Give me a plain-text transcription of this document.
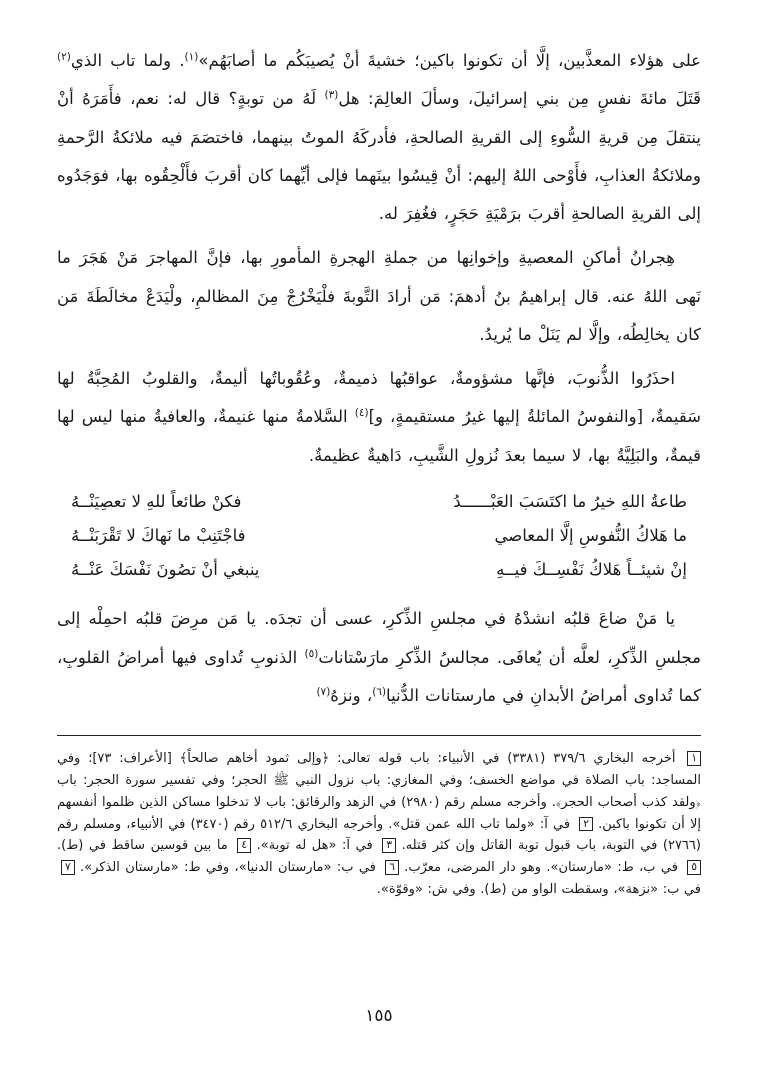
على هؤلاء المعذَّبين، إلَّا أن تكونوا باكين؛ خشيةَ أنْ يُصيبَكُم ما أصابَهُم»$^{(١)}$. ولما تاب الذي$^{(٢)}$ قَتَلَ مائةَ نفسٍ مِن بني إسرائيلَ، وسألَ العالِمَ: هل$^{(٣)}$ لَهُ من توبةٍ؟ قال له: نعم، فأَمَرَهُ أنْ ينتقلَ مِن قريةِ السُّوءِ إلى القريةِ الصالحةِ، فأدركَهُ الموتُ بينهما، فاختصَمَ فيه ملائكةُ الرَّحمةِ وملائكةُ العذابِ، فأَوْحى اللهُ إليهم: أنْ قِيسُوا بينَهما فإلى أيِّهما كان أقربَ فأَلْحِقُوه بها، فوَجَدُوه إلى القريةِ الصالحةِ أقربَ برَمْيَةِ حَجَرٍ، فغُفِرَ له.

هِجرانُ أماكنِ المعصيةِ وإخوانِها من جملةِ الهجرةِ المأمورِ بها، فإنَّ المهاجرَ مَنْ هَجَرَ ما نَهى اللهُ عنه. قال إبراهيمُ بنُ أدهمَ: مَن أرادَ التَّوبةَ فلْيَخْرُجْ مِنَ المظالمِ، ولْيَدَعْ مخالَطَةَ مَن كان يخالِطُه، وإلَّا لم يَنَلْ ما يُريدُ.

احذَرُوا الذُّنوبَ، فإنَّها مشؤومةٌ، عواقبُها ذميمةٌ، وعُقُوباتُها أليمةٌ، والقلوبُ المُحِبَّةُ لها سَقيمةٌ، [والنفوسُ المائلةُ إليها غيرُ مستقيمةٍ، و]$^{(٤)}$ السَّلامةُ منها غنيمةٌ، والعافيةُ منها ليس لها قيمةٌ، والبَلِيَّةُ بها، لا سيما بعدَ نُزولِ الشَّيبِ، دَاهيةٌ عظيمةٌ.

طاعةُ اللهِ خيرُ ما اكتَسَبَ العَبْــــــدُ
فكنْ طائعاً للهِ لا تعصِيَنْــهُ
ما هَلاكُ النُّفوسِ إلَّا المعاصي
فاجْتَنِبْ ما نَهاكَ لا تَقْرَبَنْــهُ
إنْ شيئــاً هَلاكُ نَفْسِــكَ فيــهِ
ينبغي أنْ تصُونَ نَفْسَكَ عَنْــهُ

يا مَنْ ضاعَ قلبُه انشدْهُ في مجلسِ الذِّكرِ، عسى أن تجدَه. يا مَن مرِضَ قلبُه احمِلْه إلى مجلسِ الذِّكرِ، لعلَّه أن يُعافَى. مجالسُ الذِّكرِ مارَسْتانات$^{(٥)}$ الذنوبِ تُداوى فيها أمراضُ القلوبِ، كما تُداوى أمراضُ الأبدانِ في مارستانات الدُّنيا$^{(٦)}$، ونزهُ$^{(٧)}$

١ أخرجه البخاري ٣٧٩/٦ (٣٣٨١) في الأنبياء: باب قوله تعالى: ﴿وإلى ثمود أخاهم صالحاً﴾ [الأعراف: ٧٣]؛ وفي المساجد: باب الصلاة في مواضع الخسف؛ وفي المغازي: باب نزول النبي ﷺ الحجر؛ وفي تفسير سورة الحجر: باب ﴿ولقد كذب أصحاب الحجر﴾. وأخرجه مسلم رقم (٢٩٨٠) في الزهد والرقائق: باب لا تدخلوا مساكن الذين ظلموا أنفسهم إلا أن تكونوا باكين. ٢ في آ: «ولما تاب الله عمن قتل». وأخرجه البخاري ٥١٢/٦ رقم (٣٤٧٠) في الأنبياء، ومسلم رقم (٢٧٦٦) في التوبة، باب قبول توبة القاتل وإن كثر قتله. ٣ في آ: «هل له توبة». ٤ ما بين قوسين ساقط في (ط). ٥ في ب، ط: «مارستان». وهو دار المرضى، معرّب. ٦ في ب: «مارستان الدنيا»، وفي ط: «مارستان الذكر». ٧ في ب: «نزهة»، وسقطت الواو من (ط). وفي ش: «وقوّة».

١٥٥
